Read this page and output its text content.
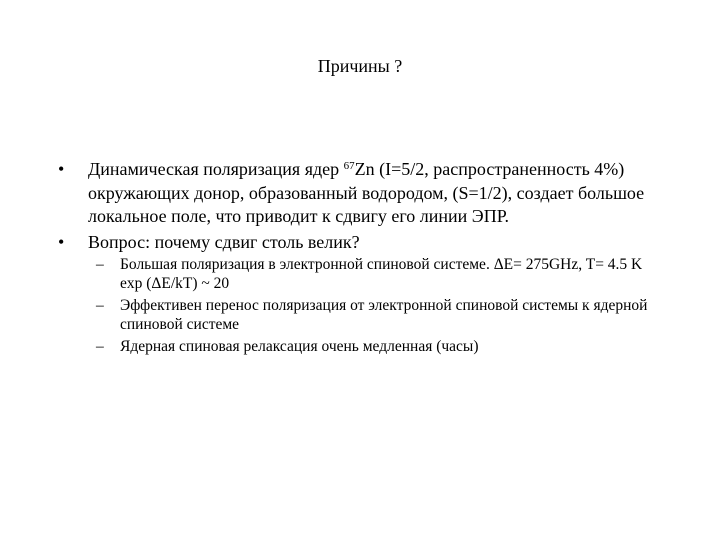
Причины ?
•	Динамическая поляризация ядер $^{67}$Zn (I=5/2, распространенность 4%) окружающих донор, образованный водородом, (S=1/2), создает большое локальное поле, что приводит к сдвигу его линии ЭПР.
•	Вопрос: почему сдвиг столь велик?
–	Большая поляризация в электронной спиновой системе. ΔE= 275GHz, T= 4.5 K exp (ΔE/kT) ~ 20
–	Эффективен перенос поляризация от электронной спиновой системы к ядерной спиновой системе
–	Ядерная спиновая релаксация очень медленная (часы)
